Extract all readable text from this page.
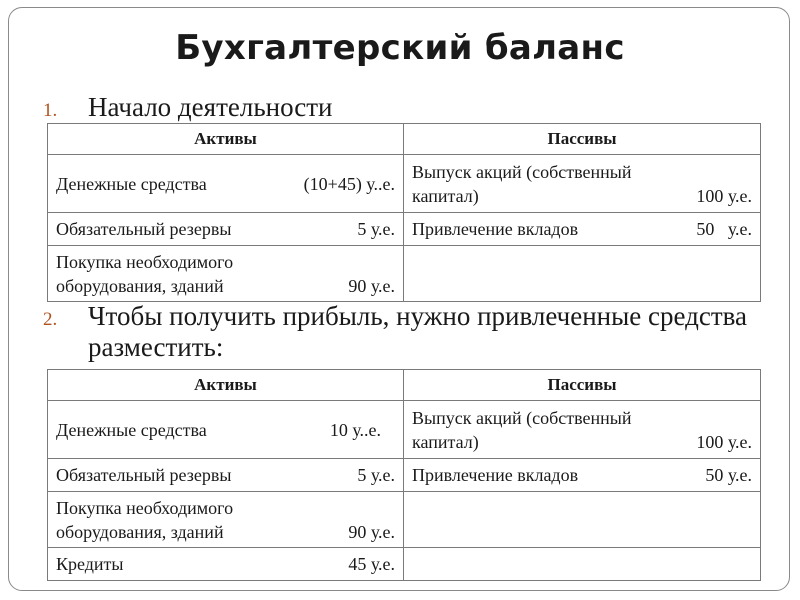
Бухгалтерский баланс
1. Начало деятельности
Активы	Пассивы

Денежные средства (10+45) у..е.	Выпуск акций (собственный
капитал) 100 у.е.

Обязательный резервы 5 у.е.	Привлечение вкладов 50   у.е.

Покупка необходимого
оборудования, зданий 90 у.е.	

2. Чтобы получить прибыль, нужно привлеченные средства разместить:
Активы	Пассивы

Денежные средства 10 у..е.	Выпуск акций (собственный
капитал) 100 у.е.

Обязательный резервы 5 у.е.	Привлечение вкладов 50 у.е.

Покупка необходимого
оборудования, зданий 90 у.е.	

Кредиты 45 у.е.	
